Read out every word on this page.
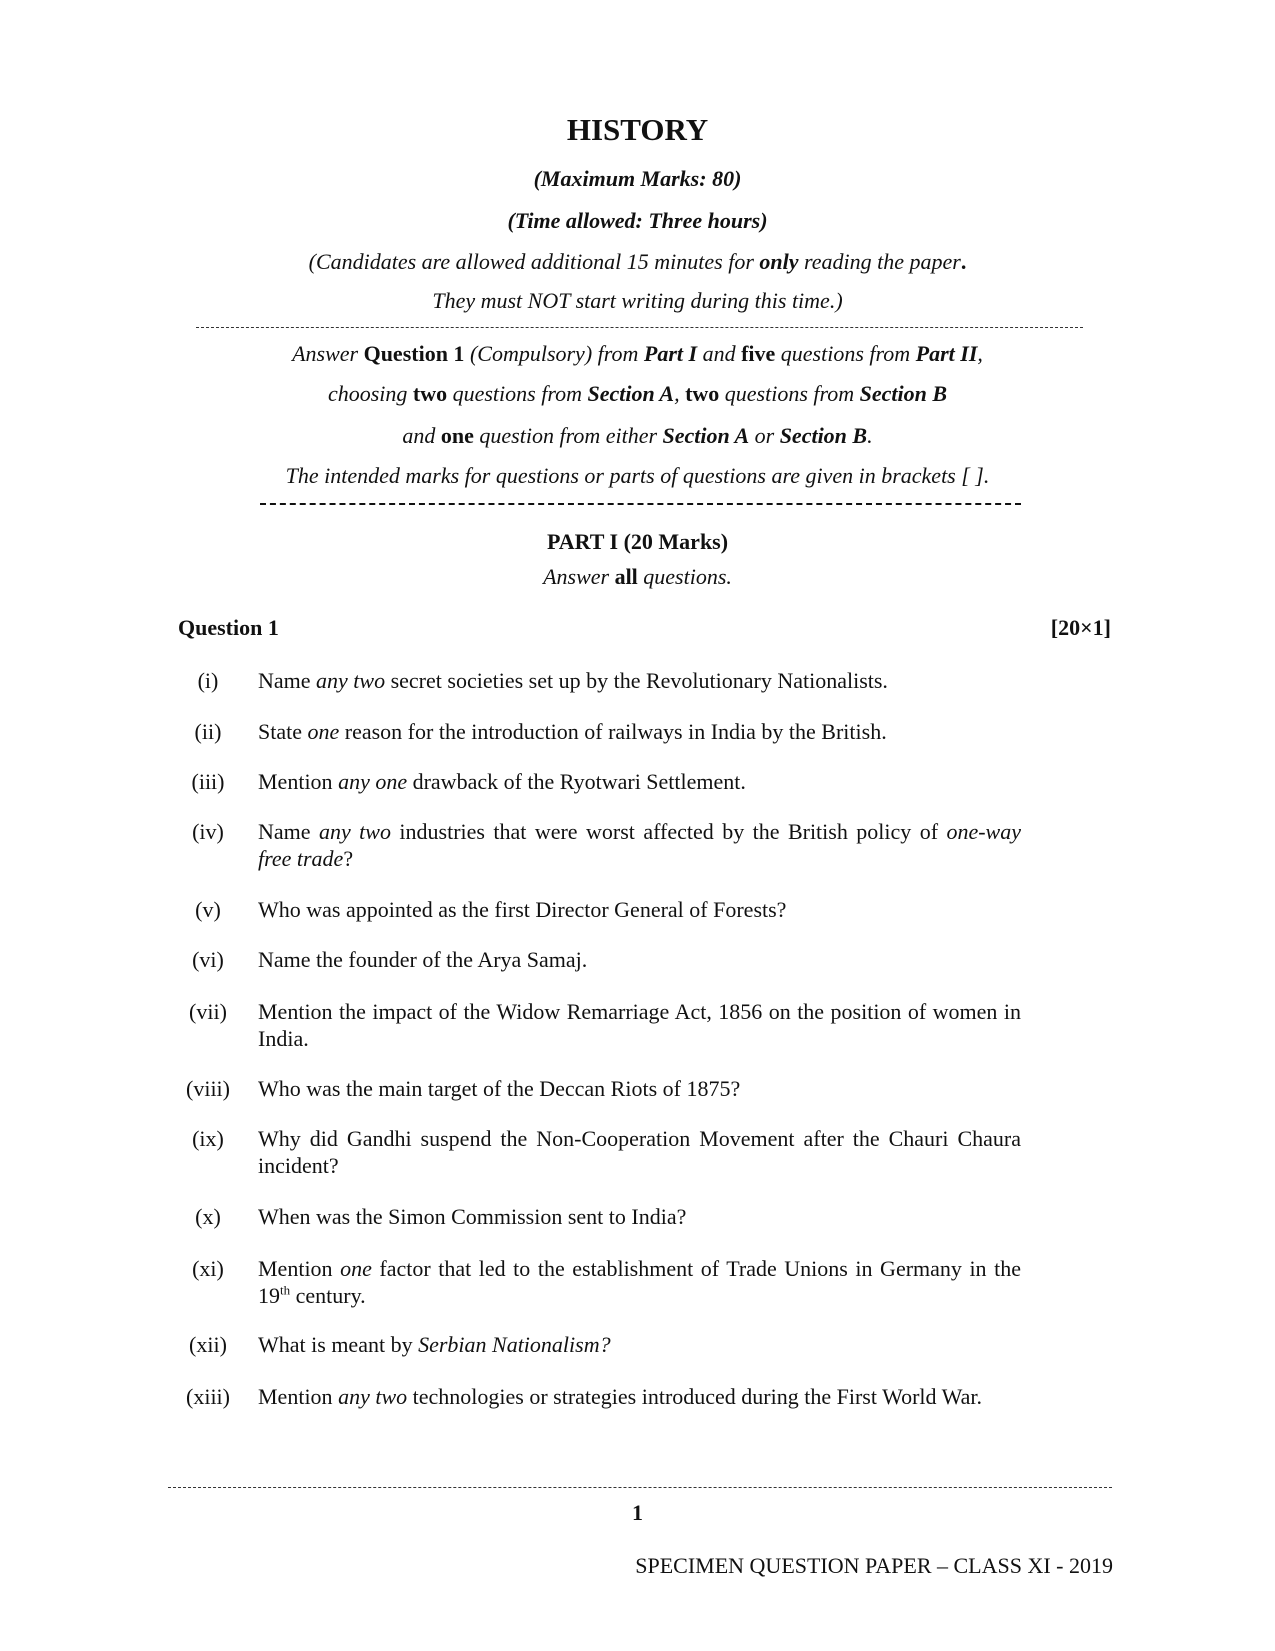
HISTORY
(Maximum Marks: 80)
(Time allowed: Three hours)
(Candidates are allowed additional 15 minutes for only reading the paper.
They must NOT start writing during this time.)
Answer Question 1 (Compulsory) from Part I and five questions from Part II,
choosing two questions from Section A, two questions from Section B
and one question from either Section A or Section B.
The intended marks for questions or parts of questions are given in brackets [ ].
PART I (20 Marks)
Answer all questions.
Question 1	[20×1]
(i)	Name any two secret societies set up by the Revolutionary Nationalists.
(ii)	State one reason for the introduction of railways in India by the British.
(iii)	Mention any one drawback of the Ryotwari Settlement.
(iv)	Name any two industries that were worst affected by the British policy of one-way free trade?
(v)	Who was appointed as the first Director General of Forests?
(vi)	Name the founder of the Arya Samaj.
(vii)	Mention the impact of the Widow Remarriage Act, 1856 on the position of women in India.
(viii)	Who was the main target of the Deccan Riots of 1875?
(ix)	Why did Gandhi suspend the Non-Cooperation Movement after the Chauri Chaura incident?
(x)	When was the Simon Commission sent to India?
(xi)	Mention one factor that led to the establishment of Trade Unions in Germany in the 19th century.
(xii)	What is meant by Serbian Nationalism?
(xiii)	Mention any two technologies or strategies introduced during the First World War.
1
SPECIMEN QUESTION PAPER – CLASS XI - 2019
